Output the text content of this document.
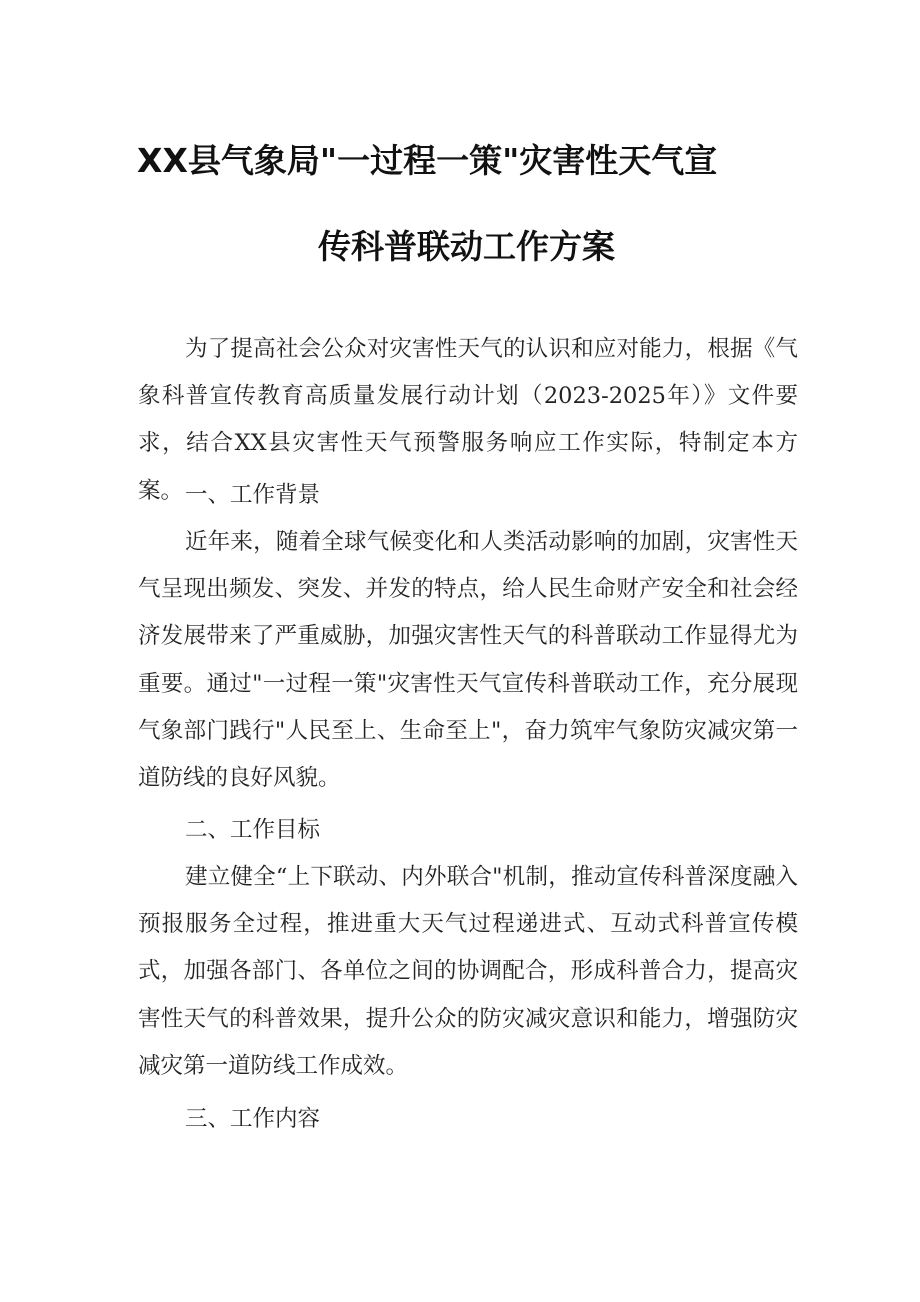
XX县气象局"一过程一策"灾害性天气宣
传科普联动工作方案

为了提高社会公众对灾害性天气的认识和应对能力，根据《气象科普宣传教育高质量发展行动计划（2023-2025年）》文件要求，结合XX县灾害性天气预警服务响应工作实际，特制定本方案。 一、工作背景

近年来，随着全球气候变化和人类活动影响的加剧，灾害性天气呈现出频发、突发、并发的特点，给人民生命财产安全和社会经济发展带来了严重威胁，加强灾害性天气的科普联动工作显得尤为重要。通过"一过程一策"灾害性天气宣传科普联动工作，充分展现气象部门践行"人民至上、生命至上"，奋力筑牢气象防灾减灾第一道防线的良好风貌。

二、工作目标

建立健全“上下联动、内外联合"机制，推动宣传科普深度融入预报服务全过程，推进重大天气过程递进式、互动式科普宣传模式，加强各部门、各单位之间的协调配合，形成科普合力，提高灾害性天气的科普效果，提升公众的防灾减灾意识和能力，增强防灾减灾第一道防线工作成效。

三、工作内容
